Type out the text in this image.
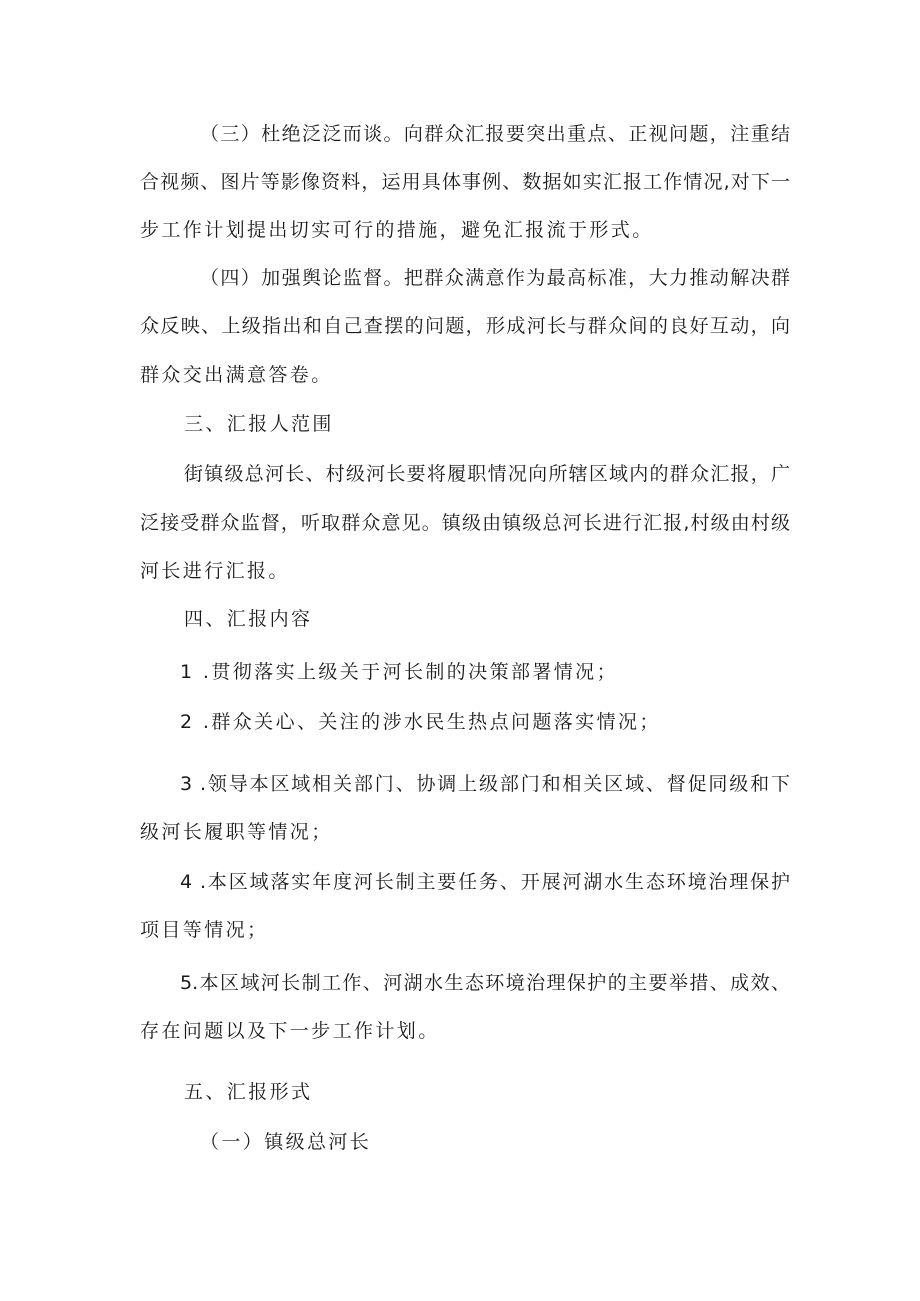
（三）杜绝泛泛而谈。向群众汇报要突出重点、正视问题，注重结
合视频、图片等影像资料，运用具体事例、数据如实汇报工作情况,对下一
步工作计划提出切实可行的措施，避免汇报流于形式。
（四）加强舆论监督。把群众满意作为最高标准，大力推动解决群
众反映、上级指出和自己查摆的问题，形成河长与群众间的良好互动，向
群众交出满意答卷。
三、汇报人范围
街镇级总河长、村级河长要将履职情况向所辖区域内的群众汇报，广
泛接受群众监督，听取群众意见。镇级由镇级总河长进行汇报,村级由村级
河长进行汇报。
四、汇报内容
1 .贯彻落实上级关于河长制的决策部署情况；
2 .群众关心、关注的涉水民生热点问题落实情况；
3 .领导本区域相关部门、协调上级部门和相关区域、督促同级和下
级河长履职等情况；
4 .本区域落实年度河长制主要任务、开展河湖水生态环境治理保护
项目等情况；
5.本区域河长制工作、河湖水生态环境治理保护的主要举措、成效、
存在问题以及下一步工作计划。
五、汇报形式
（一）镇级总河长
